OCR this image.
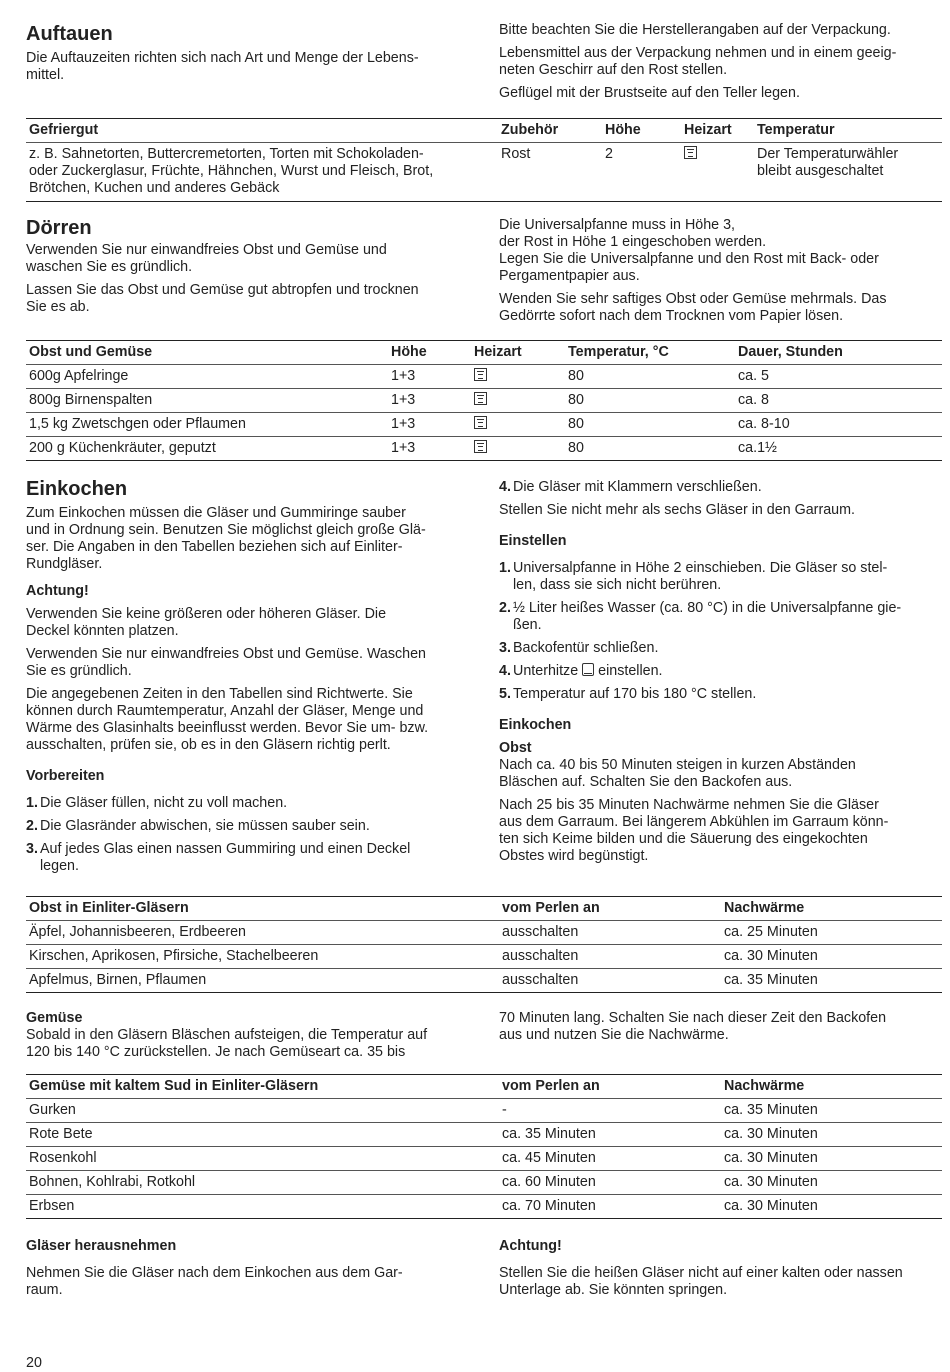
Auftauen

Die Auftauzeiten richten sich nach Art und Menge der Lebens-
mittel.

Bitte beachten Sie die Herstellerangaben auf der Verpackung.

Lebensmittel aus der Verpackung nehmen und in einem geeig-
neten Geschirr auf den Rost stellen.

Geflügel mit der Brustseite auf den Teller legen.

Gefriergut	Zubehör	Höhe	Heizart	Temperatur
z. B. Sahnetorten, Buttercremetorten, Torten mit Schokoladen-
oder Zuckerglasur, Früchte, Hähnchen, Wurst und Fleisch, Brot,
Brötchen, Kuchen und anderes Gebäck	Rost	2		Der Temperaturwähler
bleibt ausgeschaltet
Dörren

Verwenden Sie nur einwandfreies Obst und Gemüse und
waschen Sie es gründlich.

Lassen Sie das Obst und Gemüse gut abtropfen und trocknen
Sie es ab.

Die Universalpfanne muss in Höhe 3,
der Rost in Höhe 1 eingeschoben werden.
Legen Sie die Universalpfanne und den Rost mit Back- oder
Pergamentpapier aus.

Wenden Sie sehr saftiges Obst oder Gemüse mehrmals. Das
Gedörrte sofort nach dem Trocknen vom Papier lösen.

Obst und Gemüse	Höhe	Heizart	Temperatur, °C	Dauer, Stunden
600g Apfelringe	1+3		80	ca. 5
800g Birnenspalten	1+3		80	ca. 8
1,5 kg Zwetschgen oder Pflaumen	1+3		80	ca. 8-10
200 g Küchenkräuter, geputzt	1+3		80	ca.1½
Einkochen

Zum Einkochen müssen die Gläser und Gummiringe sauber
und in Ordnung sein. Benutzen Sie möglichst gleich große Glä-
ser. Die Angaben in den Tabellen beziehen sich auf Einliter-
Rundgläser.

Achtung!

Verwenden Sie keine größeren oder höheren Gläser. Die
Deckel könnten platzen.

Verwenden Sie nur einwandfreies Obst und Gemüse. Waschen
Sie es gründlich.

Die angegebenen Zeiten in den Tabellen sind Richtwerte. Sie
können durch Raumtemperatur, Anzahl der Gläser, Menge und
Wärme des Glasinhalts beeinflusst werden. Bevor Sie um- bzw.
ausschalten, prüfen sie, ob es in den Gläsern richtig perlt.

Vorbereiten

1. Die Gläser füllen, nicht zu voll machen.
2. Die Glasränder abwischen, sie müssen sauber sein.
3. Auf jedes Glas einen nassen Gummiring und einen Deckel
legen.
4. Die Gläser mit Klammern verschließen.

Stellen Sie nicht mehr als sechs Gläser in den Garraum.

Einstellen

1. Universalpfanne in Höhe 2 einschieben. Die Gläser so stel-
len, dass sie sich nicht berühren.
2. ½ Liter heißes Wasser (ca. 80 °C) in die Universalpfanne gie-
ßen.
3. Backofentür schließen.
4. Unterhitze einstellen.
5. Temperatur auf 170 bis 180 °C stellen.

Einkochen

Obst

Nach ca. 40 bis 50 Minuten steigen in kurzen Abständen
Bläschen auf. Schalten Sie den Backofen aus.

Nach 25 bis 35 Minuten Nachwärme nehmen Sie die Gläser
aus dem Garraum. Bei längerem Abkühlen im Garraum könn-
ten sich Keime bilden und die Säuerung des eingekochten
Obstes wird begünstigt.

Obst in Einliter-Gläsern	vom Perlen an	Nachwärme
Äpfel, Johannisbeeren, Erdbeeren	ausschalten	ca. 25 Minuten
Kirschen, Aprikosen, Pfirsiche, Stachelbeeren	ausschalten	ca. 30 Minuten
Apfelmus, Birnen, Pflaumen	ausschalten	ca. 35 Minuten

Gemüse

Sobald in den Gläsern Bläschen aufsteigen, die Temperatur auf
120 bis 140 °C zurückstellen. Je nach Gemüseart ca. 35 bis

70 Minuten lang. Schalten Sie nach dieser Zeit den Backofen
aus und nutzen Sie die Nachwärme.

Gemüse mit kaltem Sud in Einliter-Gläsern	vom Perlen an	Nachwärme
Gurken	-	ca. 35 Minuten
Rote Bete	ca. 35 Minuten	ca. 30 Minuten
Rosenkohl	ca. 45 Minuten	ca. 30 Minuten
Bohnen, Kohlrabi, Rotkohl	ca. 60 Minuten	ca. 30 Minuten
Erbsen	ca. 70 Minuten	ca. 30 Minuten

Gläser herausnehmen

Nehmen Sie die Gläser nach dem Einkochen aus dem Gar-
raum.

Achtung!

Stellen Sie die heißen Gläser nicht auf einer kalten oder nassen
Unterlage ab. Sie könnten springen.

20
